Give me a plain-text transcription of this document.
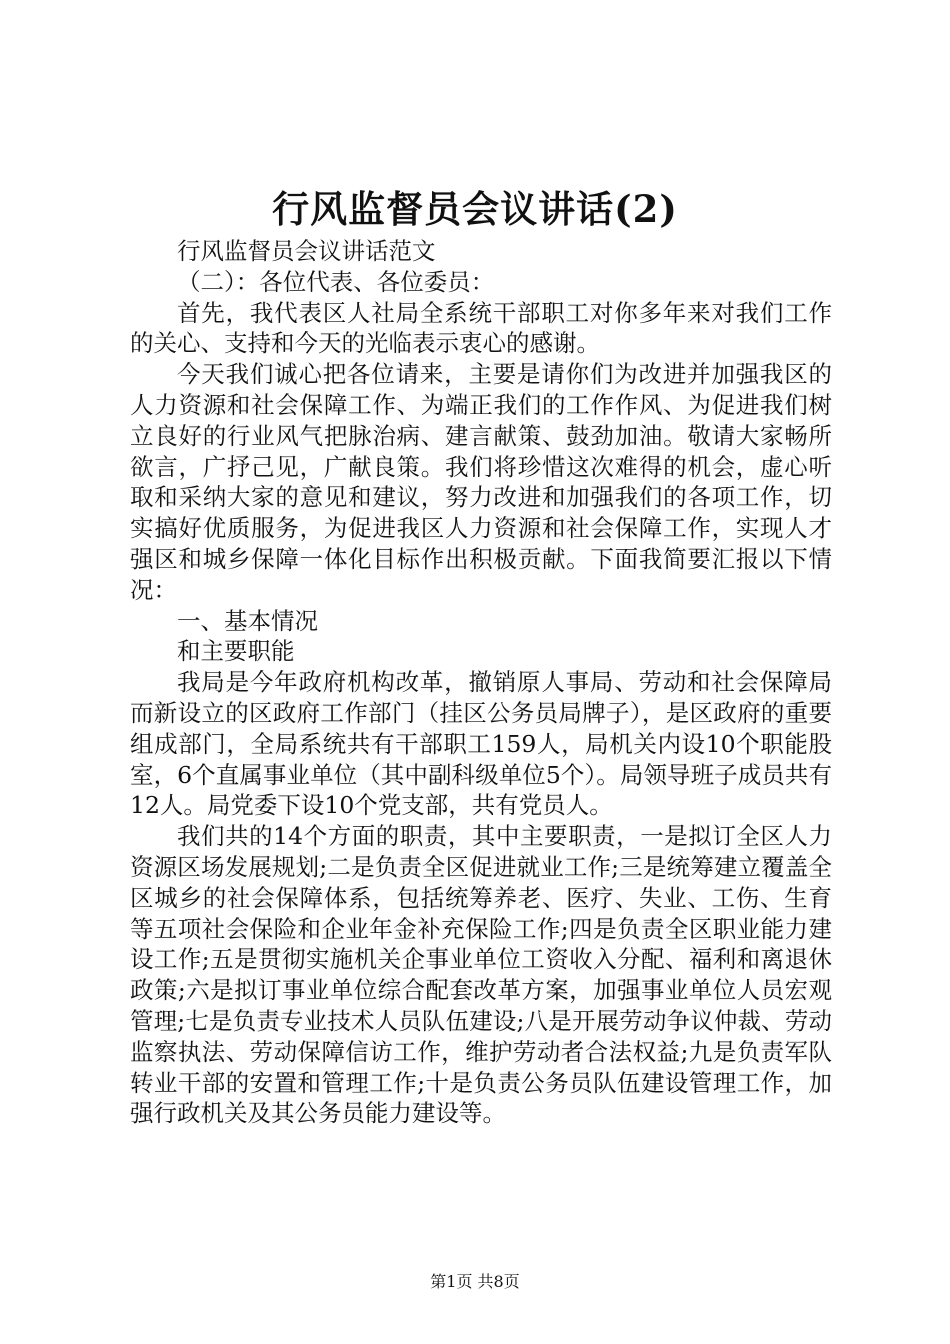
行风监督员会议讲话(2)

行风监督员会议讲话范文

（二）：各位代表、各位委员：

首先，我代表区人社局全系统干部职工对你多年来对我们工作的关心、支持和今天的光临表示衷心的感谢。

今天我们诚心把各位请来，主要是请你们为改进并加强我区的人力资源和社会保障工作、为端正我们的工作作风、为促进我们树立良好的行业风气把脉治病、建言献策、鼓劲加油。敬请大家畅所欲言，广抒己见，广献良策。我们将珍惜这次难得的机会，虚心听取和采纳大家的意见和建议，努力改进和加强我们的各项工作，切实搞好优质服务，为促进我区人力资源和社会保障工作，实现人才强区和城乡保障一体化目标作出积极贡献。下面我简要汇报以下情况：

一、基本情况

和主要职能

我局是今年政府机构改革，撤销原人事局、劳动和社会保障局而新设立的区政府工作部门（挂区公务员局牌子），是区政府的重要组成部门，全局系统共有干部职工159人，局机关内设10个职能股室，6个直属事业单位（其中副科级单位5个）。局领导班子成员共有12人。局党委下设10个党支部，共有党员人。

我们共的14个方面的职责，其中主要职责，一是拟订全区人力资源区场发展规划;二是负责全区促进就业工作;三是统筹建立覆盖全区城乡的社会保障体系，包括统筹养老、医疗、失业、工伤、生育等五项社会保险和企业年金补充保险工作;四是负责全区职业能力建设工作;五是贯彻实施机关企事业单位工资收入分配、福利和离退休政策;六是拟订事业单位综合配套改革方案，加强事业单位人员宏观管理;七是负责专业技术人员队伍建设;八是开展劳动争议仲裁、劳动监察执法、劳动保障信访工作，维护劳动者合法权益;九是负责军队转业干部的安置和管理工作;十是负责公务员队伍建设管理工作，加强行政机关及其公务员能力建设等。

第1页 共8页
